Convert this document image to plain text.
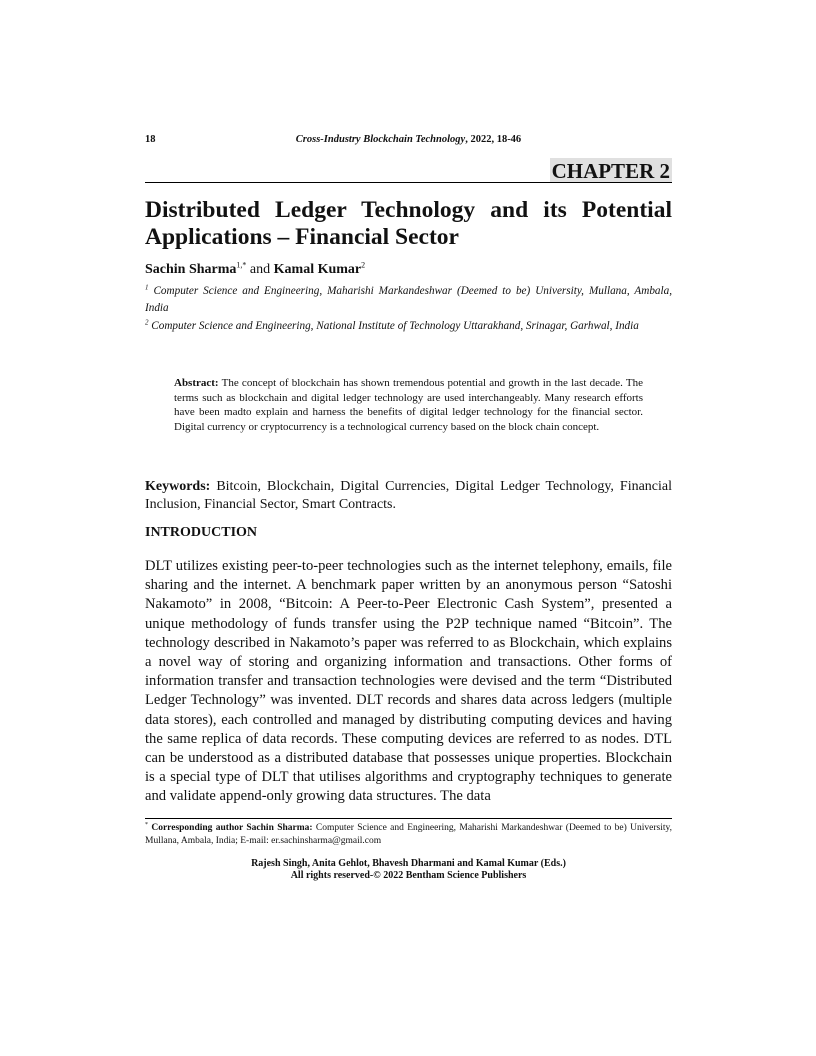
18	Cross-Industry Blockchain Technology, 2022, 18-46
CHAPTER 2
Distributed Ledger Technology and its Potential Applications – Financial Sector
Sachin Sharma$^{1,*}$ and Kamal Kumar$^2$
$^1$ Computer Science and Engineering, Maharishi Markandeshwar (Deemed to be) University, Mullana, Ambala, India
$^2$ Computer Science and Engineering, National Institute of Technology Uttarakhand, Srinagar, Garhwal, India
Abstract: The concept of blockchain has shown tremendous potential and growth in the last decade. The terms such as blockchain and digital ledger technology are used interchangeably. Many research efforts have been madto explain and harness the benefits of digital ledger technology for the financial sector. Digital currency or cryptocurrency is a technological currency based on the block chain concept.
Keywords: Bitcoin, Blockchain, Digital Currencies, Digital Ledger Technology, Financial Inclusion, Financial Sector, Smart Contracts.
INTRODUCTION

DLT utilizes existing peer-to-peer technologies such as the internet telephony, emails, file sharing and the internet. A benchmark paper written by an anonymous person “Satoshi Nakamoto” in 2008, “Bitcoin: A Peer-to-Peer Electronic Cash System”, presented a unique methodology of funds transfer using the P2P technique named “Bitcoin”. The technology described in Nakamoto’s paper was referred to as Blockchain, which explains a novel way of storing and organizing information and transactions. Other forms of information transfer and transaction technologies were devised and the term “Distributed Ledger Technology” was invented. DLT records and shares data across ledgers (multiple data stores), each controlled and managed by distributing computing devices and having the same replica of data records. These computing devices are referred to as nodes. DTL can be understood as a distributed database that possesses unique properties. Blockchain is a special type of DLT that utilises algorithms and cryptography techniques to generate and validate append-only growing data structures. The data

* Corresponding author Sachin Sharma: Computer Science and Engineering, Maharishi Markandeshwar (Deemed to be) University, Mullana, Ambala, India; E-mail: er.sachinsharma@gmail.com
Rajesh Singh, Anita Gehlot, Bhavesh Dharmani and Kamal Kumar (Eds.)
All rights reserved-© 2022 Bentham Science Publishers
